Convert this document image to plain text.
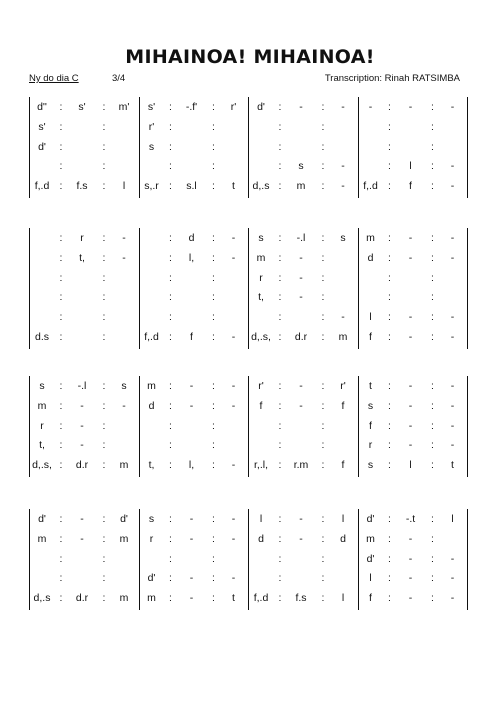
MIHAINOA! MIHAINOA!
Ny do dia C	3/4	Transcription: Rinah RATSIMBA
d'' : s' : m' s' : -.f' : r' d' : - : - - : - : -
s' :	:	r' :	:	:	:	:	:
d' :	:	s :	:	:	:	:	:
:	:	:	:	: s : -	: l : -
f,.d : f.s : l s,.r : s.l : t d,.s : m : - f,.d : f : -
: r : -	: d : - s : -.l : s m : - : -
: t, : -	: l, : - m : - :	d : - : -
:	:	:	:	r : - :	:	:
:	:	:	:	t, : - :	:	:
:	:	:	:	:	: - l : - : -
d.s :	:	f,.d : f : - d,.s, : d.r : m f : - : -
s : -.l : s m : - : - r' : - : r' t : - : -
m : - : - d : - : - f : - : f s : - : -
r : - :	:	:	:	:	f : - : -
t, : - :	:	:	:	:	r : - : -
d,.s, : d.r : m t, : l, : - r,.l, : r.m : f s : l : t
d' : - : d' s : - : - l : - : l d' : -.t : l
m : - : m r : - : - d : - : d m : - :
:	:	:	:	:	:	d' : - : -
:	:	d' : - : -	:	:	l : - : -
d,.s : d.r : m m : - : t f,.d : f.s : l f : - : -
